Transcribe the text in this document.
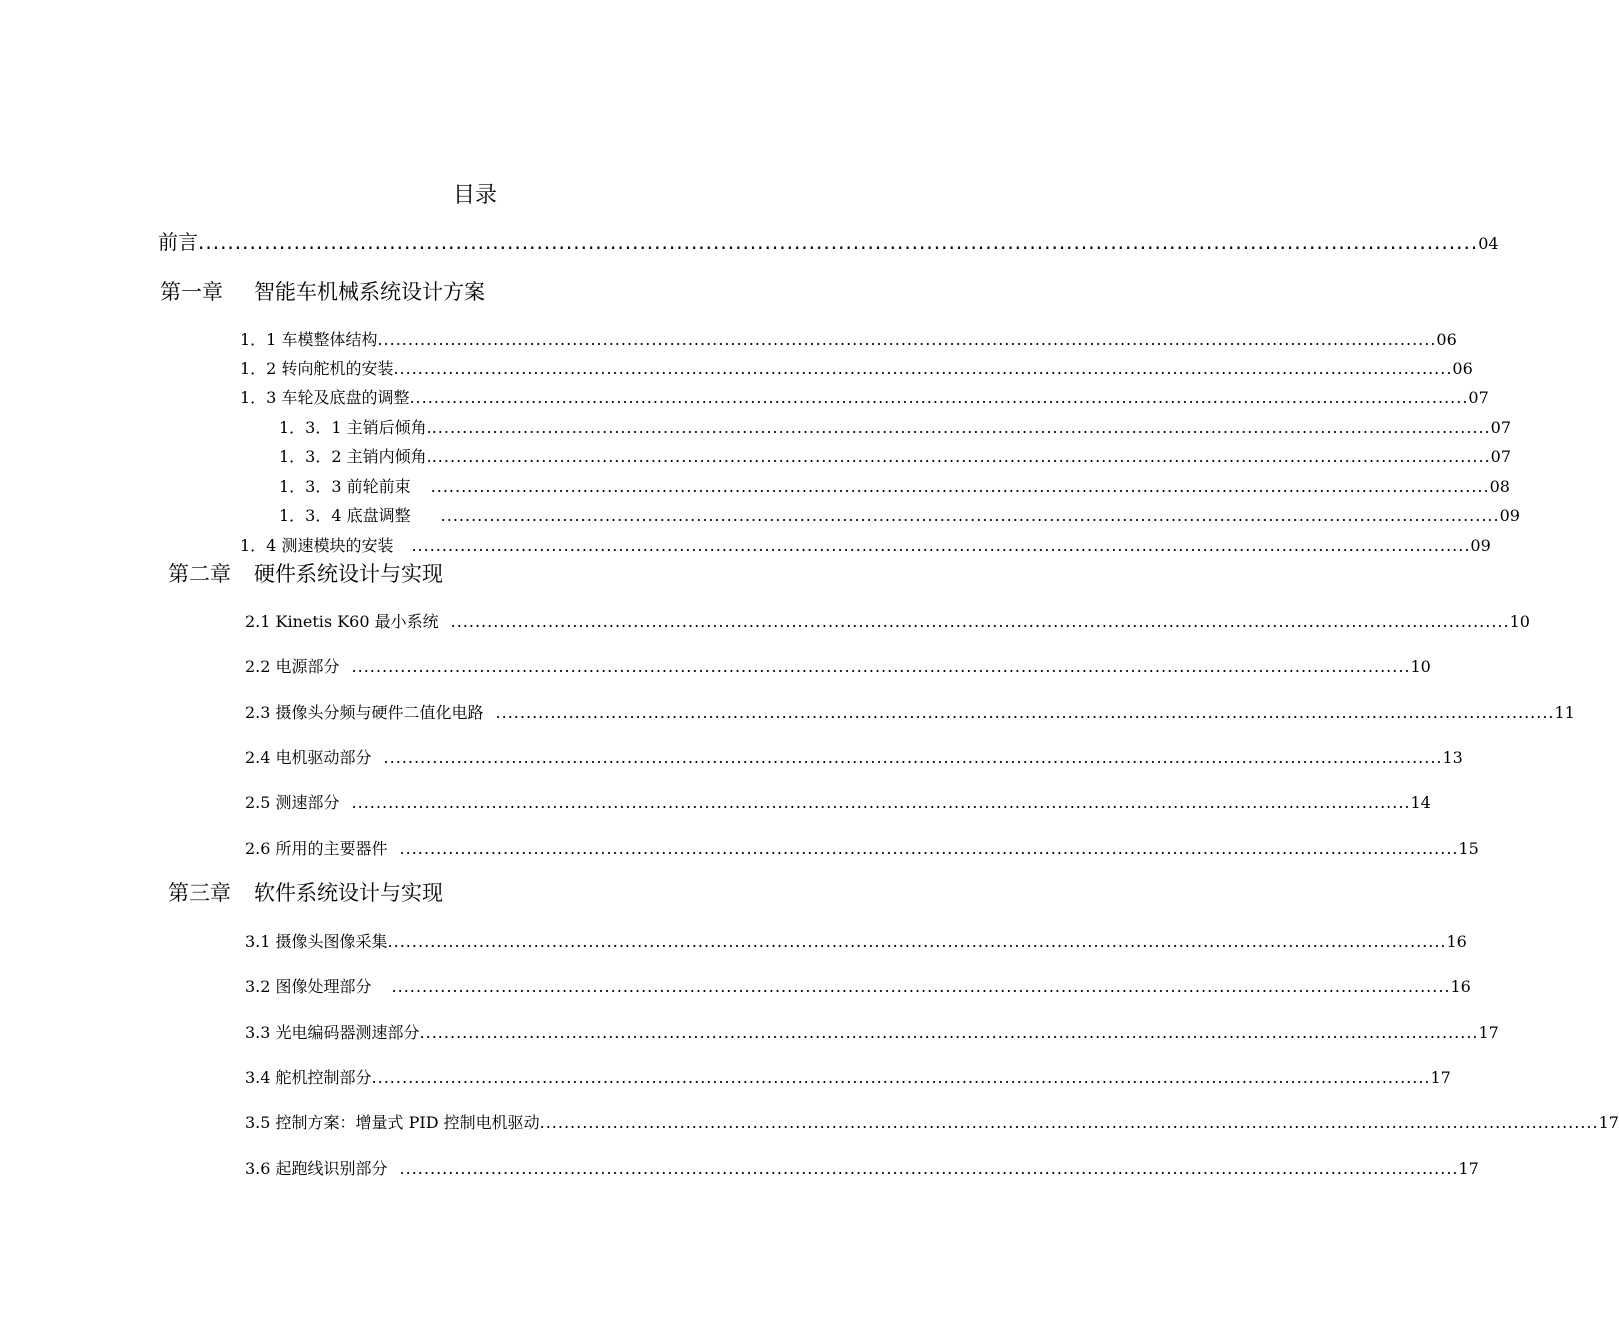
目录
前言 .............................................................................................................................................................................. 04
第一章 智能车机械系统设计方案
1．1 车模整体结构 .............................................................................................................................................................................. 06
1．2 转向舵机的安装 .............................................................................................................................................................................. 06
1．3 车轮及底盘的调整 .............................................................................................................................................................................. 07
1．3．1 主销后倾角. .............................................................................................................................................................................. 07
1．3．2 主销内倾角. .............................................................................................................................................................................. 07
1．3．3 前轮前束 .............................................................................................................................................................................. 08
1．3．4 底盘调整 .............................................................................................................................................................................. 09
1．4 测速模块的安装 .............................................................................................................................................................................. 09
第二章 硬件系统设计与实现
2.1 Kinetis K60 最小系统 .............................................................................................................................................................................. 10
2.2 电源部分 .............................................................................................................................................................................. 10
2.3 摄像头分频与硬件二值化电路 .............................................................................................................................................................................. 11
2.4 电机驱动部分 .............................................................................................................................................................................. 13
2.5 测速部分 .............................................................................................................................................................................. 14
2.6 所用的主要器件 .............................................................................................................................................................................. 15
第三章 软件系统设计与实现
3.1 摄像头图像采集 .............................................................................................................................................................................. 16
3.2 图像处理部分 .............................................................................................................................................................................. 16
3.3 光电编码器测速部分 .............................................................................................................................................................................. 17
3.4 舵机控制部分 .............................................................................................................................................................................. 17
3.5 控制方案：增量式 PID 控制电机驱动 .............................................................................................................................................................................. 17
3.6 起跑线识别部分 .............................................................................................................................................................................. 17
